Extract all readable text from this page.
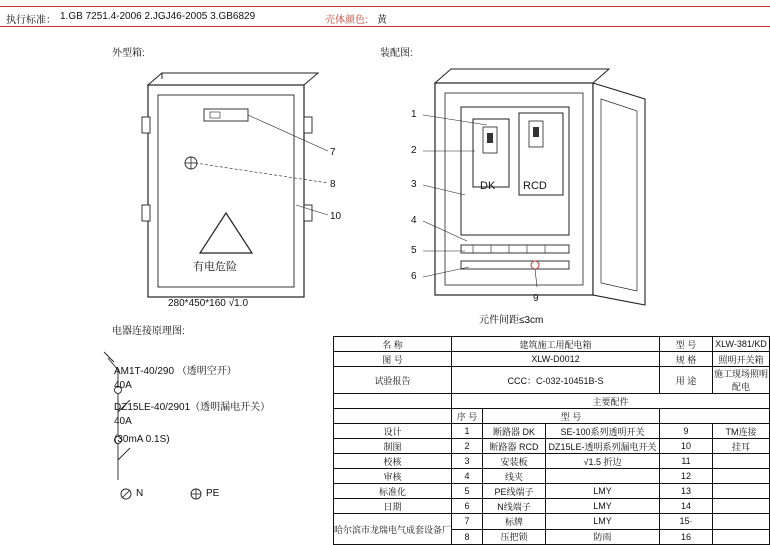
执行标准： 1.GB 7251.4-2006 2.JGJ46-2005 3.GB6829	壳体颜色: 黄
外型箱:	装配图:
电器连接原理图:
7
8
10
有电危险
280*450*160 √1.0
1
2
3
4
5
6
DK	RCD
9
元件间距≤3cm
AM1T-40/290 （透明空开）
40A
DZ15LE-40/2901（透明漏电开关）
40A
(30mA 0.1S)
N	PE
名 称	建筑施工用配电箱			型 号	XLW-381/KD
图 号	XLW-D0012			规 格	照明开关箱
试验报告	CCC：C-032-10451B-S			用 途	施工现场照明配电
	主要配件				
	序 号	型 号			
设计	1	断路器 DK	SE-100系列透明开关	9	TM连接
制图	2	断路器 RCD	DZ15LE-透明系列漏电开关	10	挂耳
校核	3	安装板	√1.5 折边	11	
审核	4	线夹		12	
标准化	5	PE线端子	LMY	13	
日期	6	N线端子	LMY	14	
哈尔滨市龙瑞电气成套设备厂	7	标牌	LMY	15·	
	8	压把锁	防雨	16	
